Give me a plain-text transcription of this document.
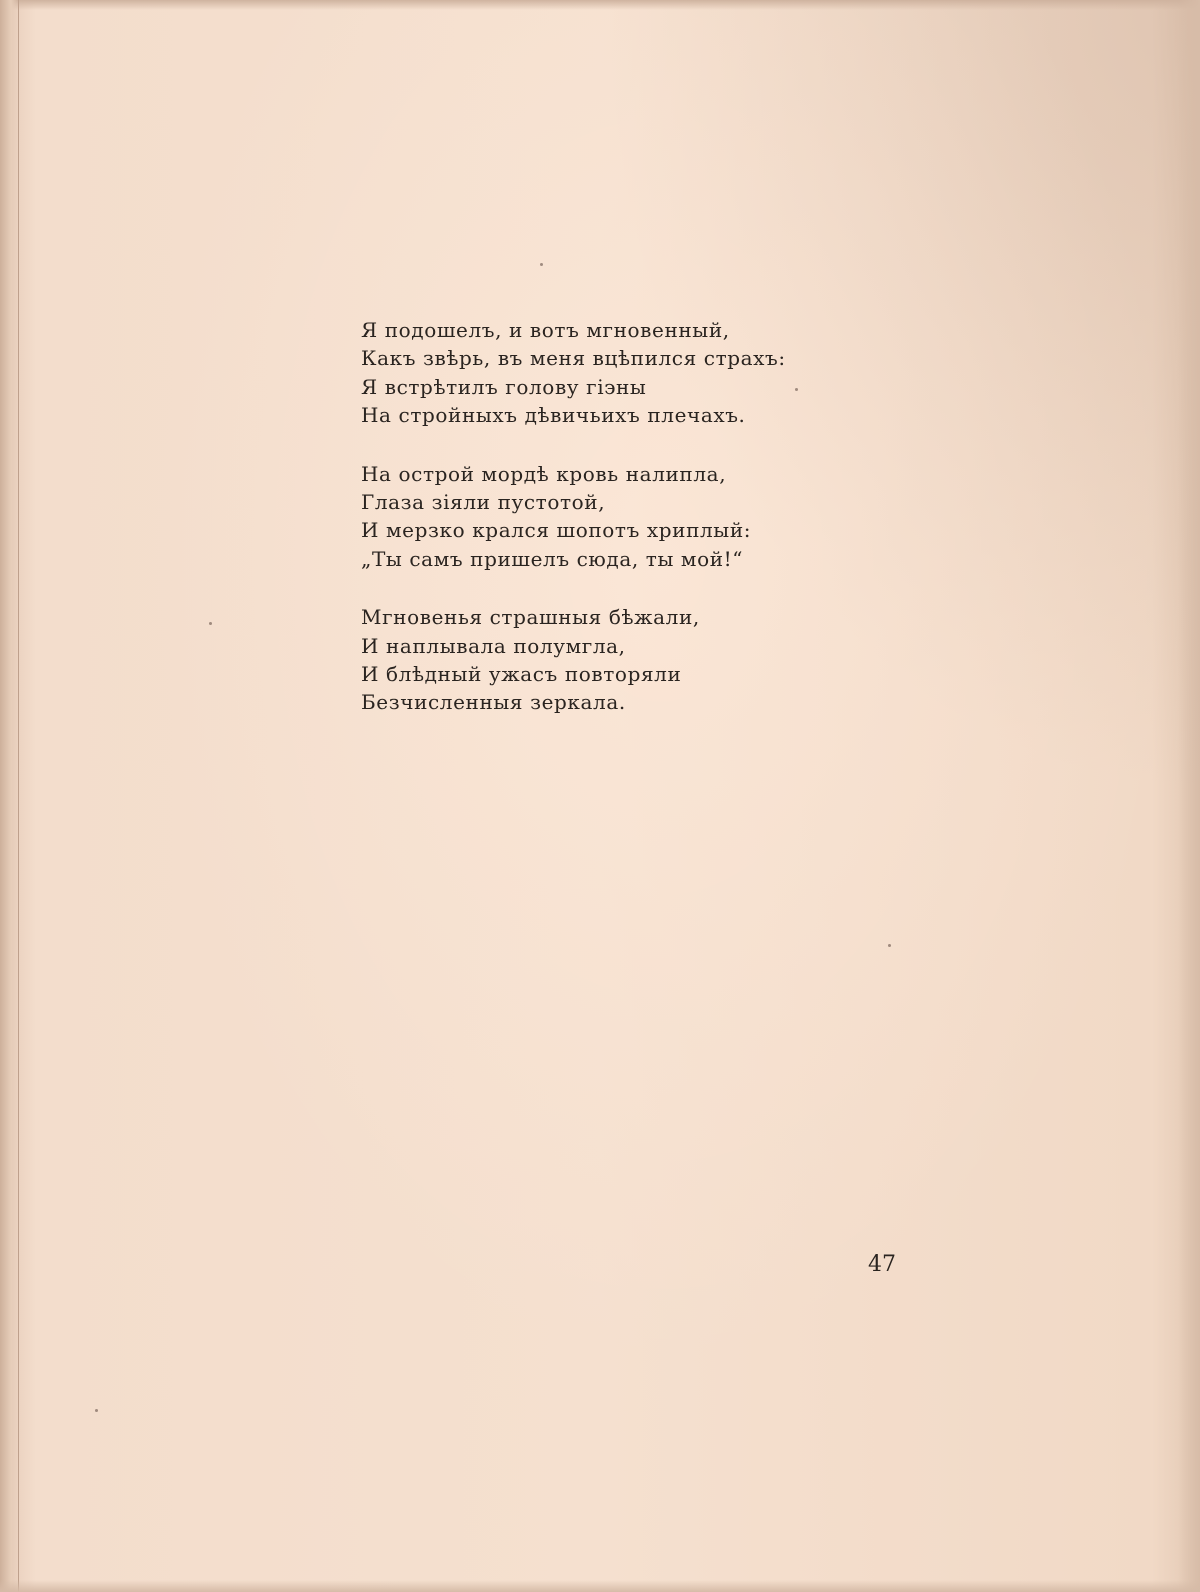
Я подошелъ, и вотъ мгновенный,
Какъ звѣрь, въ меня вцѣпился страхъ:
Я встрѣтилъ голову гіэны
На стройныхъ дѣвичьихъ плечахъ.
На острой мордѣ кровь налипла,
Глаза зіяли пустотой,
И мерзко крался шопотъ хриплый:
„Ты самъ пришелъ сюда, ты мой!“
Мгновенья страшныя бѣжали,
И наплывала полумгла,
И блѣдный ужасъ повторяли
Безчисленныя зеркала.
47
